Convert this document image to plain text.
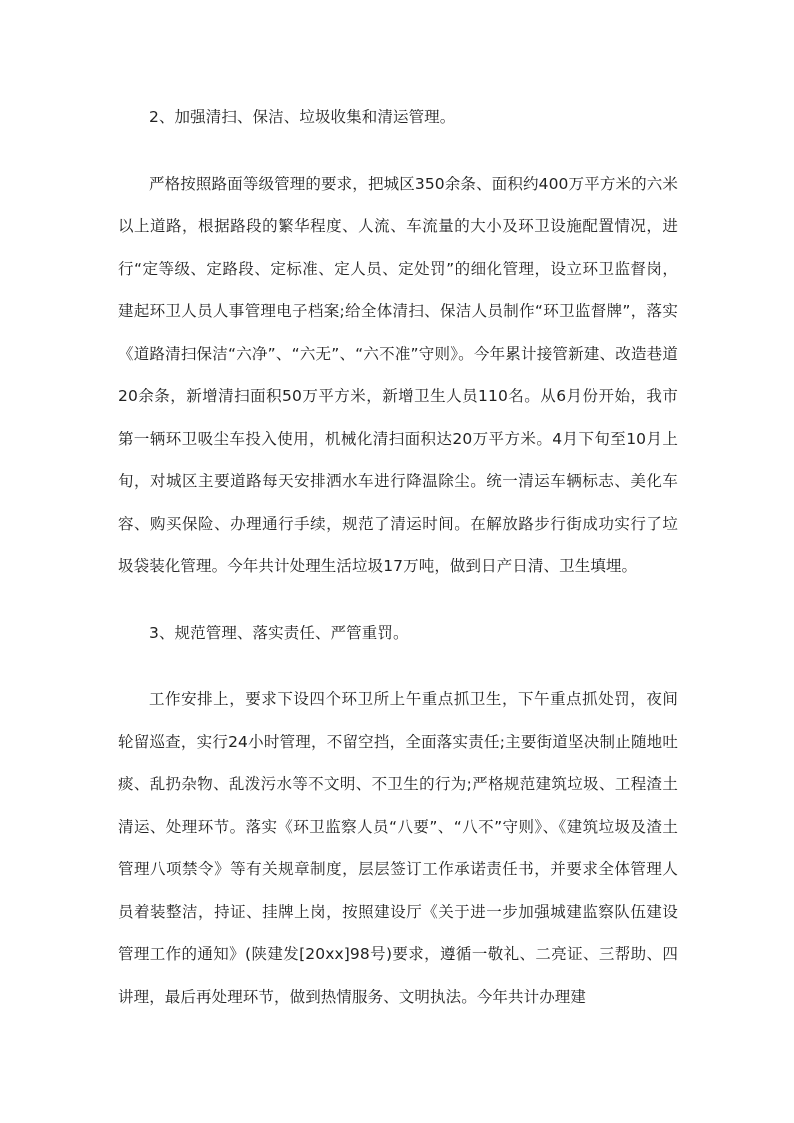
2、加强清扫、保洁、垃圾收集和清运管理。

严格按照路面等级管理的要求，把城区350余条、面积约400万平方米的六米以上道路，根据路段的繁华程度、人流、车流量的大小及环卫设施配置情况，进行“定等级、定路段、定标准、定人员、定处罚”的细化管理，设立环卫监督岗，建起环卫人员人事管理电子档案;给全体清扫、保洁人员制作“环卫监督牌”，落实《道路清扫保洁“六净”、“六无”、“六不准”守则》。今年累计接管新建、改造巷道20余条，新增清扫面积50万平方米，新增卫生人员110名。从6月份开始，我市第一辆环卫吸尘车投入使用，机械化清扫面积达20万平方米。4月下旬至10月上旬，对城区主要道路每天安排洒水车进行降温除尘。统一清运车辆标志、美化车容、购买保险、办理通行手续，规范了清运时间。在解放路步行街成功实行了垃圾袋装化管理。今年共计处理生活垃圾17万吨，做到日产日清、卫生填埋。

3、规范管理、落实责任、严管重罚。

工作安排上，要求下设四个环卫所上午重点抓卫生，下午重点抓处罚，夜间轮留巡查，实行24小时管理，不留空挡，全面落实责任;主要街道坚决制止随地吐痰、乱扔杂物、乱泼污水等不文明、不卫生的行为;严格规范建筑垃圾、工程渣土清运、处理环节。落实《环卫监察人员“八要”、“八不”守则》、《建筑垃圾及渣土管理八项禁令》等有关规章制度，层层签订工作承诺责任书，并要求全体管理人员着装整洁，持证、挂牌上岗，按照建设厅《关于进一步加强城建监察队伍建设管理工作的通知》(陕建发[20xx]98号)要求，遵循一敬礼、二亮证、三帮助、四讲理，最后再处理环节，做到热情服务、文明执法。今年共计办理建
